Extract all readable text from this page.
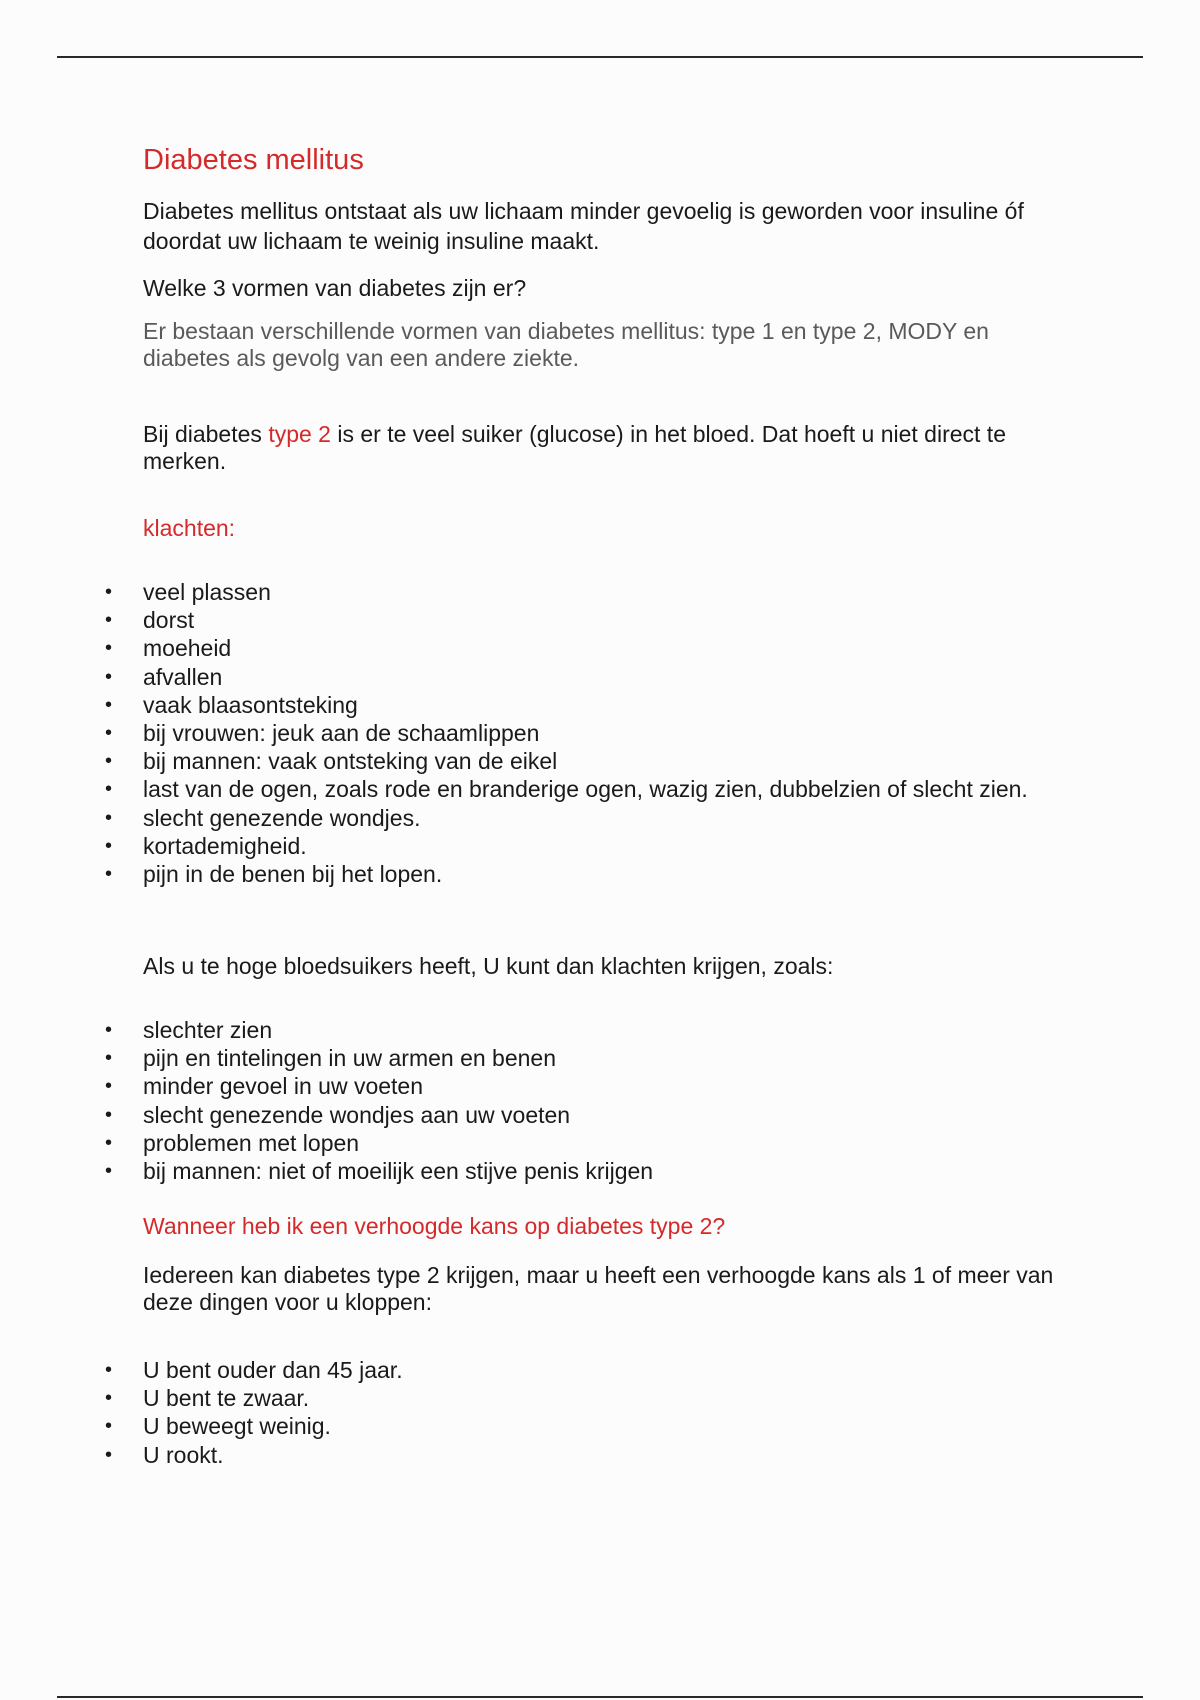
Diabetes mellitus

Diabetes mellitus ontstaat als uw lichaam minder gevoelig is geworden voor insuline óf doordat uw lichaam te weinig insuline maakt.

Welke 3 vormen van diabetes zijn er?

Er bestaan verschillende vormen van diabetes mellitus: type 1 en type 2, MODY en diabetes als gevolg van een andere ziekte.

Bij diabetes type 2 is er te veel suiker (glucose) in het bloed. Dat hoeft u niet direct te merken.

klachten:

• veel plassen
• dorst
• moeheid
• afvallen
• vaak blaasontsteking
• bij vrouwen: jeuk aan de schaamlippen
• bij mannen: vaak ontsteking van de eikel
• last van de ogen, zoals rode en branderige ogen, wazig zien, dubbelzien of slecht zien.
• slecht genezende wondjes.
• kortademigheid.
• pijn in de benen bij het lopen.

Als u te hoge bloedsuikers heeft, U kunt dan klachten krijgen, zoals:

• slechter zien
• pijn en tintelingen in uw armen en benen
• minder gevoel in uw voeten
• slecht genezende wondjes aan uw voeten
• problemen met lopen
• bij mannen: niet of moeilijk een stijve penis krijgen

Wanneer heb ik een verhoogde kans op diabetes type 2?

Iedereen kan diabetes type 2 krijgen, maar u heeft een verhoogde kans als 1 of meer van deze dingen voor u kloppen:

• U bent ouder dan 45 jaar.
• U bent te zwaar.
• U beweegt weinig.
• U rookt.
